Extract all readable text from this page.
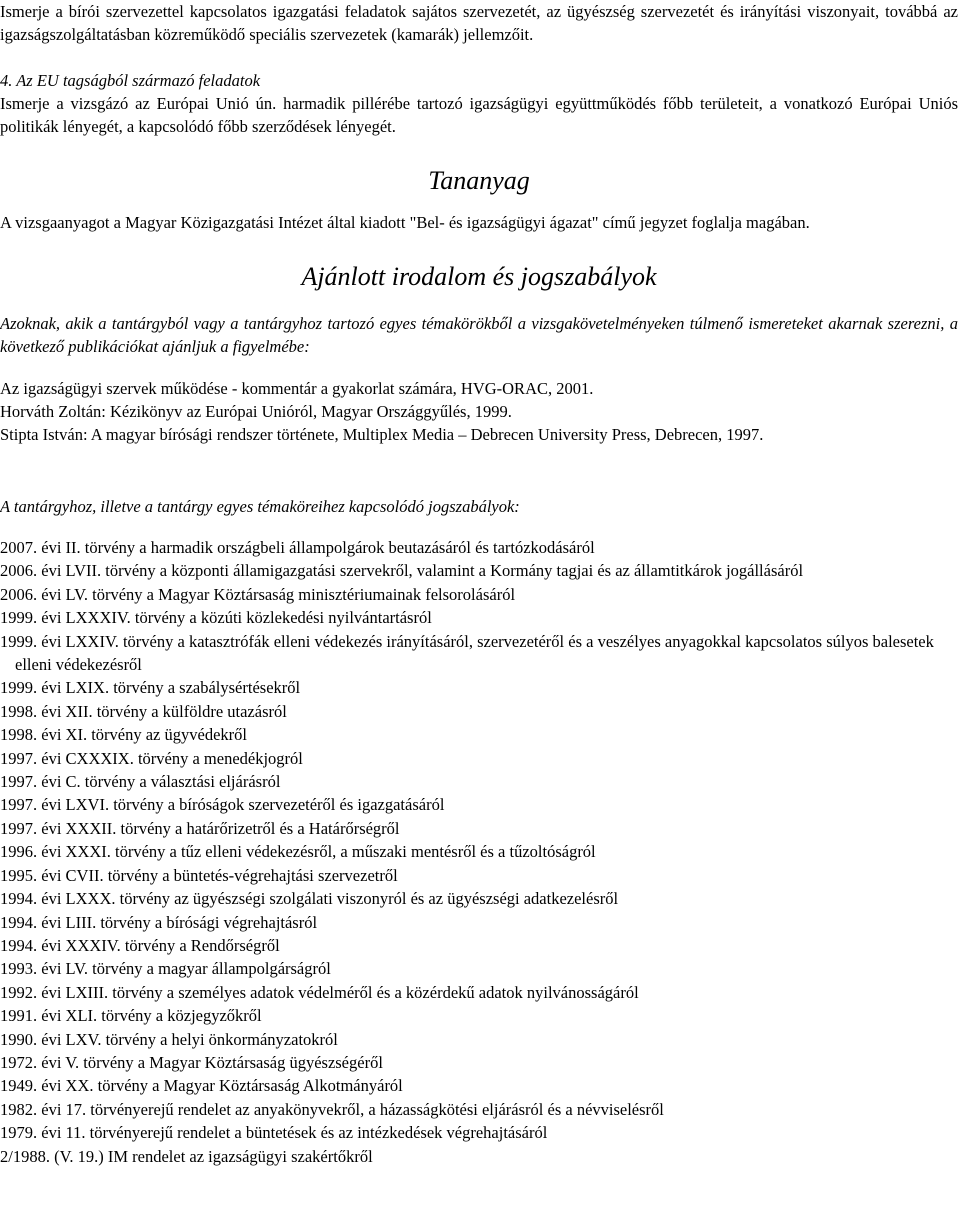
Ismerje a bírói szervezettel kapcsolatos igazgatási feladatok sajátos szervezetét, az ügyészség szervezetét és irányítási viszonyait, továbbá az igazságszolgáltatásban közreműködő speciális szervezetek (kamarák) jellemzőit.

4. Az EU tagságból származó feladatok

Ismerje a vizsgázó az Európai Unió ún. harmadik pillérébe tartozó igazságügyi együttműködés főbb területeit, a vonatkozó Európai Uniós politikák lényegét, a kapcsolódó főbb szerződések lényegét.

Tananyag

A vizsgaanyagot a Magyar Közigazgatási Intézet által kiadott "Bel- és igazságügyi ágazat" című jegyzet foglalja magában.

Ajánlott irodalom és jogszabályok

Azoknak, akik a tantárgyból vagy a tantárgyhoz tartozó egyes témakörökből a vizsgakövetelményeken túlmenő ismereteket akarnak szerezni, a következő publikációkat ajánljuk a figyelmébe:

Az igazságügyi szervek működése - kommentár a gyakorlat számára, HVG-ORAC, 2001.

Horváth Zoltán: Kézikönyv az Európai Unióról, Magyar Országgyűlés, 1999.

Stipta István: A magyar bírósági rendszer története, Multiplex Media – Debrecen University Press, Debrecen, 1997.

A tantárgyhoz, illetve a tantárgy egyes témaköreihez kapcsolódó jogszabályok:

2007. évi II. törvény a harmadik országbeli állampolgárok beutazásáról és tartózkodásáról
2006. évi LVII. törvény a központi államigazgatási szervekről, valamint a Kormány tagjai és az államtitkárok jogállásáról
2006. évi LV. törvény a Magyar Köztársaság minisztériumainak felsorolásáról
1999. évi LXXXIV. törvény a közúti közlekedési nyilvántartásról
1999. évi LXXIV. törvény a katasztrófák elleni védekezés irányításáról, szervezetéről és a veszélyes anyagokkal kapcsolatos súlyos balesetek elleni védekezésről
1999. évi LXIX. törvény a szabálysértésekről
1998. évi XII. törvény a külföldre utazásról
1998. évi XI. törvény az ügyvédekről
1997. évi CXXXIX. törvény a menedékjogról
1997. évi C. törvény a választási eljárásról
1997. évi LXVI. törvény a bíróságok szervezetéről és igazgatásáról
1997. évi XXXII. törvény a határőrizetről és a Határőrségről
1996. évi XXXI. törvény a tűz elleni védekezésről, a műszaki mentésről és a tűzoltóságról
1995. évi CVII. törvény a büntetés-végrehajtási szervezetről
1994. évi LXXX. törvény az ügyészségi szolgálati viszonyról és az ügyészségi adatkezelésről
1994. évi LIII. törvény a bírósági végrehajtásról
1994. évi XXXIV. törvény a Rendőrségről
1993. évi LV. törvény a magyar állampolgárságról
1992. évi LXIII. törvény a személyes adatok védelméről és a közérdekű adatok nyilvánosságáról
1991. évi XLI. törvény a közjegyzőkről
1990. évi LXV. törvény a helyi önkormányzatokról
1972. évi V. törvény a Magyar Köztársaság ügyészségéről
1949. évi XX. törvény a Magyar Köztársaság Alkotmányáról
1982. évi 17. törvényerejű rendelet az anyakönyvekről, a házasságkötési eljárásról és a névviselésről
1979. évi 11. törvényerejű rendelet a büntetések és az intézkedések végrehajtásáról
2/1988. (V. 19.) IM rendelet az igazságügyi szakértőkről
